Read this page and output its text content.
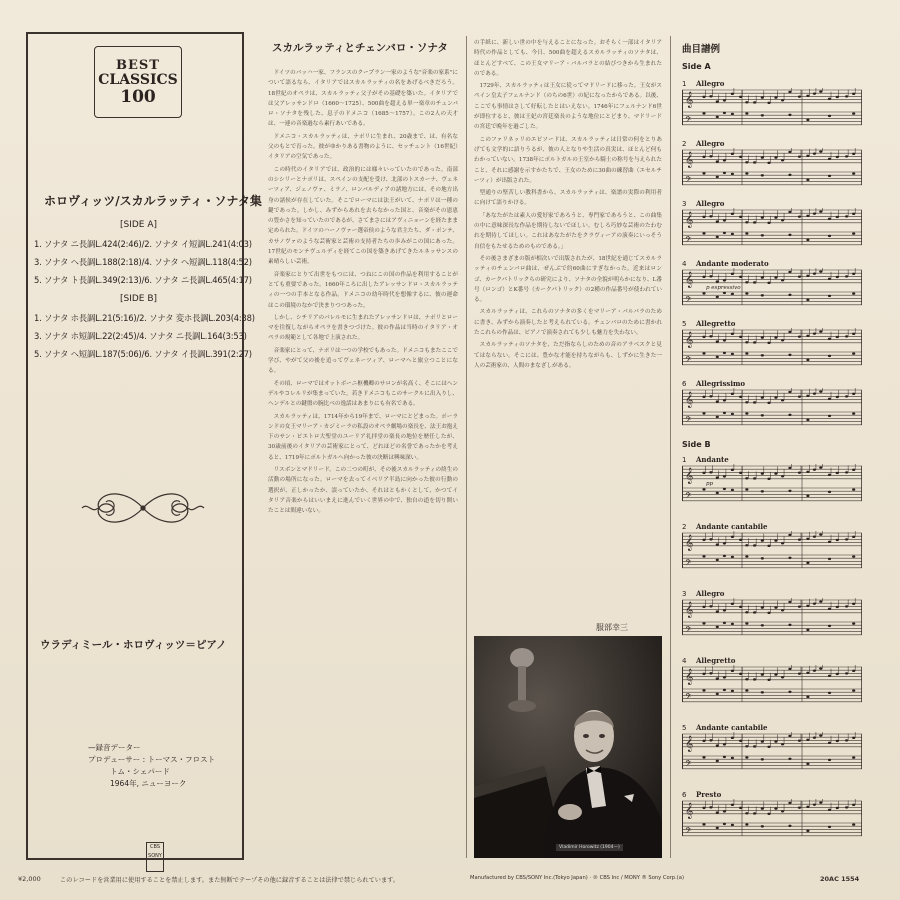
BEST
CLASSICS
100
ホロヴィッツ/スカルラッティ・ソナタ集
[SIDE A]
1. ソナタ ニ長調L.424(2:46)/2. ソナタ イ短調L.241(4:03)
3. ソナタ ヘ長調L.188(2:18)/4. ソナタ ヘ短調L.118(4:52)
5. ソナタ ト長調L.349(2:13)/6. ソナタ ニ長調L.465(4:17)
[SIDE B]
1. ソナタ ホ長調L.21(5:16)/2. ソナタ 変ホ長調L.203(4:38)
3. ソナタ ホ短調L.22(2:45)/4. ソナタ ニ長調L.164(3:53)
5. ソナタ ヘ短調L.187(5:06)/6. ソナタ イ長調L.391(2:27)
ウラディミール・ホロヴィッツ＝ピアノ
—録音データー
プロデューサー : トーマス・フロスト
トム・シェパード
1964年, ニューヨーク
CBS SONY
スカルラッティとチェンバロ・ソナタ

ドイツのバッハ一家、フランスのクープラン一家のような"音楽の家系"について語るなら、イタリアではスカルラッティの名をあげるべきだろう。18世紀のオペラは、スカルラッティ父子がその基礎を築いた。イタリアでは父アレッサンドロ（1660〜1725）、500曲を超える単一楽章のチェンバロ・ソナタを残した、息子のドメニコ（1685〜1757）。この2人の天才は、一連の音楽過なら素行あいである。

ドメニコ・スカルラッティは、ナポリに生まれ、20歳まで、は、有名な父のもとで育った。彼がゆかりある書物のように、セッチェント（16世紀）イタリアの空気であった。

この時代のイタリアでは、政治的には様々いっていたのであった。南部のシシリーとナポリは、スペインの支配を受け、北部のトスカーナ、ヴェネーツィア、ジェノヴァ、ミラノ、ロンバルディアの諸地方には、その地方出身の諸侯が存在していた。そこでローマには法王がいて、ナポリは一種の鍵であった。しかし、みずからあれを去らなかった国と、音楽がその恩恵の豊かさを知っていたのであるが、さてまさにはアヴィニョーンを経たまま定められた。ドイツのハーノヴァー選帝侯のような君主たち、ダ・ポンテ、カサノヴァのような芸術家と芸術の支持者たちの歩みがこの国にあった。17世紀のモンテヴェルディを経てこの国を築きあげてきたルネッサンスの素晴らしい芸術。

音楽家にとりて出世をもつには、つねにこの国の作品を利用することがとても重要であった。1660年ころに出したアレッサンドロ・スカルラッティの一つの手本となる作品。ドメニコの幼年時代を想像するに、彼の運命はこの環境のなかで決まりつつあった。

しかし、シチリアのパレルモに生まれたアレッサンドロは、ナポリとローマを往復しながらオペラを書きつづけた。彼の作品は当時のイタリア・オペラの規範として各地で上演された。

音楽家にとって、ナポリは一つの学校でもあった。ドメニコもまたここで学び、やがて父の後を追ってヴェネーツィア、ローマへと旅立つことになる。

その頃、ローマではオットボーニ枢機卿のサロンが名高く、そこにはヘンデルやコレルリが集まっていた。若きドメニコもこのサークルに出入りし、ヘンデルとの鍵盤の腕比べの逸話はあまりにも有名である。

スカルラッティは、1714年から19年まで、ローマにとどまった。ポーランドの女王マリーア・カジミーラの私設のオペラ劇場の楽長を、法王お抱え下のサン・ピエトロ大聖堂のユーリア礼拝堂の楽長の地位を歴任したが、30歳前後のイタリアの芸術家にとって、どれほどの名誉であったかを考えると、1719年にポルトガルへ向かった彼の決断は興味深い。

リスボンとマドリード。この二つの町が、その後スカルラッティの終生の活動の場所になった。ローマを去ってイベリア半島に向かった彼の行動の選択が、正しかったか、誤っていたか、それはともかくとして、かつてイタリア音楽からはいいまえに進んでいく世界の中で、独自の道を切り開いたことは間違いない。

の手紙に、新しい世の中を与えることになった。おそらく一部はイタリア時代の作品としても、今日、500曲を超えるスカルラッティのソナタは、ほとんどすべて、この王女マリーア・バルバラとの結びつきから生まれたのである。

1729年、スカルラッティは王女に従ってマドリードに移った。王女がスペイン皇太子フェルナンド（のちの6世）の妃になったからである。以後、ここでも事情はさして好転したとはいえない。1746年にフェルナンド6世が即位すると、彼は王妃の宮廷楽長のような地位にとどまり、マドリードの宮廷で晩年を過ごした。

このファリネッリのエピソードは、スカルラッティは日常の何をとりあげても文学的に語りうるが、彼の人となりや生活の真実は、ほとんど何もわかっていない。1738年にポルトガルの王室から騎士の称号を与えられたこと、それに感謝を示すかたちで、王女のために30曲の練習曲（エセルチーツィ）が出版された。

型通りの堅苦しい教科書から、スカルラッティは、楽譜の実際の利用者に向けて語りかける。

「あなたがたは素人の愛好家であろうと、専門家であろうと、この曲集の中に意味深長な作品を期待しないでほしい。むしろ巧妙な芸術のたわむれを期待してほしい。これはあなたがたをクラヴィーアの演奏にいっそう自信をもたせるためのものである。」

その後さまざまの版が相次いで出版されたが、18世紀を通じてスカルラッティのチェンバロ曲は、ぜんぶで約60曲にすぎなかった。近来はロンゴ、カークパトリックらの研究により、ソナタの全貌が明らかになり、L番号（ロンゴ）とK番号（カークパトリック）の2種の作品番号が使われている。

スカルラッティは、これらのソナタの多くをマリーア・バルバラのために書き、みずから演奏したと考えられている。チェンバロのために書かれたこれらの作品は、ピアノで演奏されても少しも魅力を失わない。

スカルラッティのソナタを、ただ指ならしのための音のアラベスクと見てはならない。そこには、豊かな才能を持ちながらも、しずかに生きた一人の芸術家の、人間のまなざしがある。

服部幸三
Vladimir Horowitz (1904—)
曲目譜例
Side A
Side B
1 Allegro
𝄞
𝄢
2 Allegro
𝄞
𝄢
3 Allegro
𝄞
𝄢
4 Andante moderato
𝄞
𝄢
p espressivo
5 Allegretto
𝄞
𝄢
6 Allegrissimo
𝄞
𝄢
1 Andante
𝄞
𝄢
pp
2 Andante cantabile
𝄞
𝄢
3 Allegro
𝄞
𝄢
4 Allegretto
𝄞
𝄢
5 Andante cantabile
𝄞
𝄢
6 Presto
𝄞
𝄢
¥2,000	このレコードを営業用に使用することを禁止します。また無断でテープその他に録音することは法律で禁じられています。	Manufactured by CBS/SONY Inc.(Tokyo Japan) · ℗ CBS Inc / MONY ® Sony Corp.(a)	20AC 1554
